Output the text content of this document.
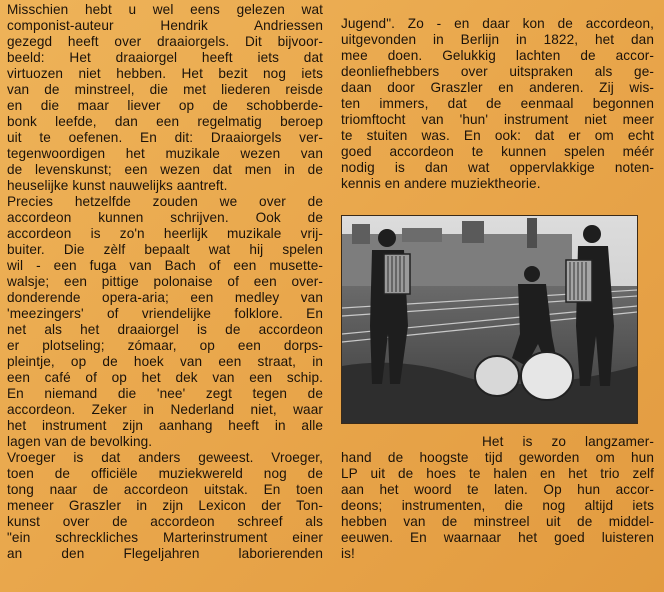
Misschien hebt u wel eens gelezen wat

componist-auteur Hendrik Andriessen

gezegd heeft over draaiorgels. Dit bijvoor-

beeld: Het draaiorgel heeft iets dat

virtuozen niet hebben. Het bezit nog iets

van de minstreel, die met liederen reisde

en die maar liever op de schobberde-

bonk leefde, dan een regelmatig beroep

uit te oefenen. En dit: Draaiorgels ver-

tegenwoordigen het muzikale wezen van

de levenskunst; een wezen dat men in de

heuselijke kunst nauwelijks aantreft.

Precies hetzelfde zouden we over de

accordeon kunnen schrijven. Ook de

accordeon is zo'n heerlijk muzikale vrij-

buiter. Die zèlf bepaalt wat hij spelen

wil - een fuga van Bach of een musette-

walsje; een pittige polonaise of een over-

donderende opera-aria; een medley van

'meezingers' of vriendelijke folklore. En

net als het draaiorgel is de accordeon

er plotseling; zómaar, op een dorps-

pleintje, op de hoek van een straat, in

een café of op het dek van een schip.

En niemand die 'nee' zegt tegen de

accordeon. Zeker in Nederland niet, waar

het instrument zijn aanhang heeft in alle

lagen van de bevolking.

Vroeger is dat anders geweest. Vroeger,

toen de officiële muziekwereld nog de

tong naar de accordeon uitstak. En toen

meneer Graszler in zijn Lexicon der Ton-

kunst over de accordeon schreef als

"ein schreckliches Marterinstrument einer

an den Flegeljahren laborierenden

Jugend". Zo - en daar kon de accordeon,

uitgevonden in Berlijn in 1822, het dan

mee doen. Gelukkig lachten de accor-

deonliefhebbers over uitspraken als ge-

daan door Graszler en anderen. Zij wis-

ten immers, dat de eenmaal begonnen

triomftocht van 'hun' instrument niet meer

te stuiten was. En ook: dat er om echt

goed accordeon te kunnen spelen méér

nodig is dan wat oppervlakkige noten-

kennis en andere muziektheorie.

Het is zo langzamer-

hand de hoogste tijd geworden om hun

LP uit de hoes te halen en het trio zelf

aan het woord te laten. Op hun accor-

deons; instrumenten, die nog altijd iets

hebben van de minstreel uit de middel-

eeuwen. En waarnaar het goed luisteren

is!
